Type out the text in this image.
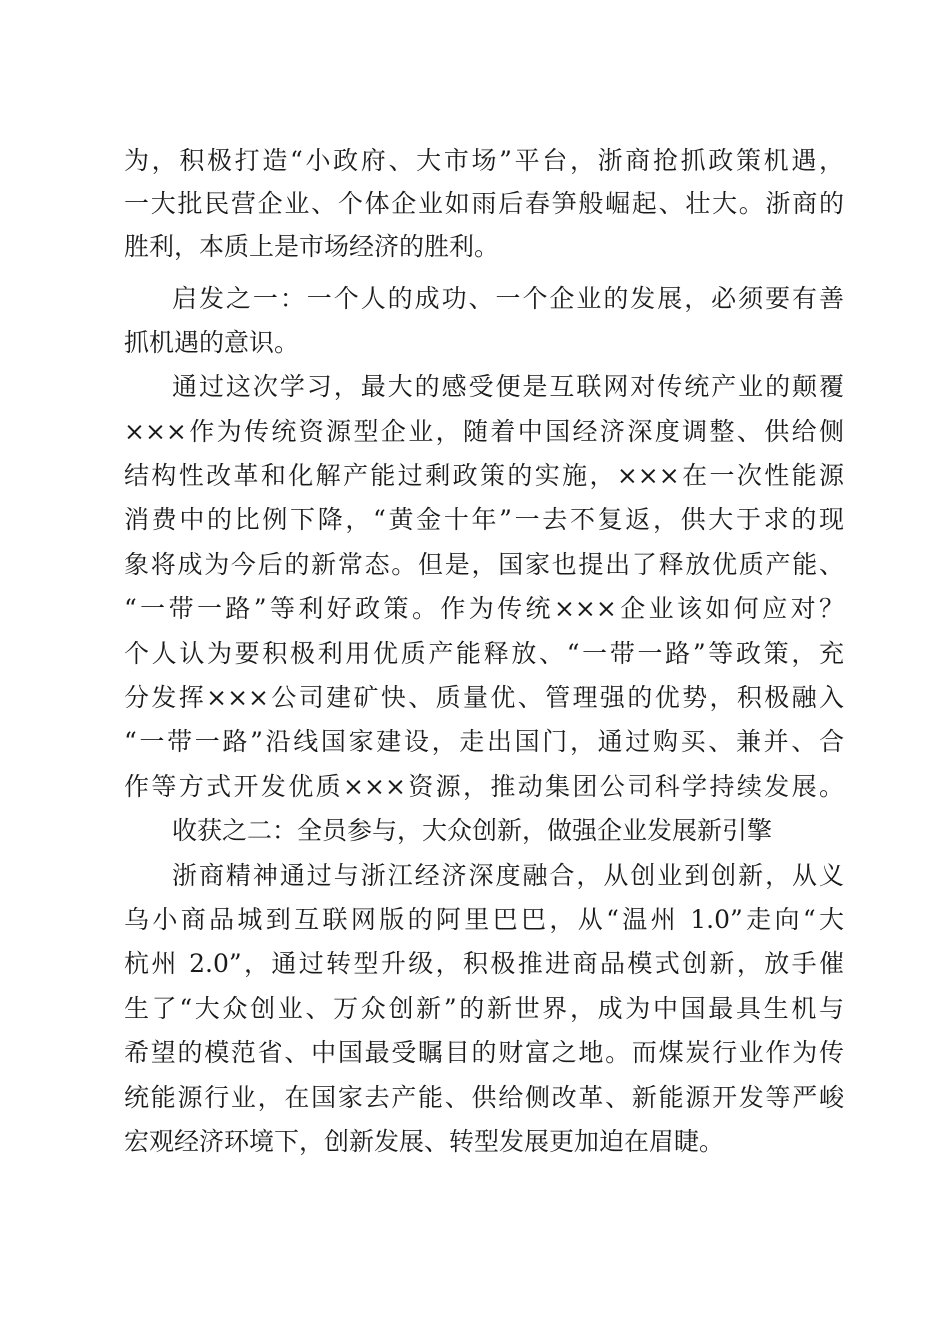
为，积极打造“小政府、大市场”平台，浙商抢抓政策机遇，

一大批民营企业、个体企业如雨后春笋般崛起、壮大。浙商的

胜利，本质上是市场经济的胜利。

启发之一：一个人的成功、一个企业的发展，必须要有善

抓机遇的意识。

通过这次学习，最大的感受便是互联网对传统产业的颠覆

×××作为传统资源型企业，随着中国经济深度调整、供给侧

结构性改革和化解产能过剩政策的实施，×××在一次性能源

消费中的比例下降，“黄金十年”一去不复返，供大于求的现

象将成为今后的新常态。但是，国家也提出了释放优质产能、

“一带一路”等利好政策。作为传统×××企业该如何应对？

个人认为要积极利用优质产能释放、“一带一路”等政策，充

分发挥×××公司建矿快、质量优、管理强的优势，积极融入

“一带一路”沿线国家建设，走出国门，通过购买、兼并、合

作等方式开发优质×××资源，推动集团公司科学持续发展。

收获之二：全员参与，大众创新，做强企业发展新引擎

浙商精神通过与浙江经济深度融合，从创业到创新，从义

乌小商品城到互联网版的阿里巴巴，从“温州 1.0”走向“大

杭州 2.0”，通过转型升级，积极推进商品模式创新，放手催

生了“大众创业、万众创新”的新世界，成为中国最具生机与

希望的模范省、中国最受瞩目的财富之地。而煤炭行业作为传

统能源行业，在国家去产能、供给侧改革、新能源开发等严峻

宏观经济环境下，创新发展、转型发展更加迫在眉睫。
